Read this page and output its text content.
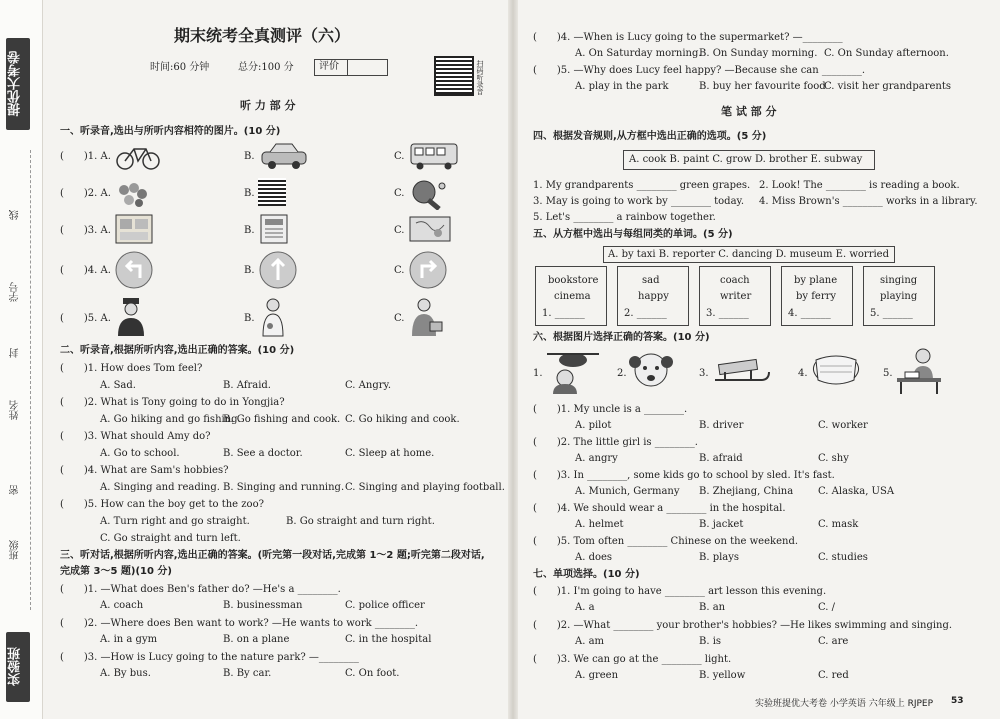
提优大考卷
实验班
线
学号
封
姓名
密
班级
期末统考全真测评（六）
时间:60 分钟	总分:100 分	评价	扫码听录音
听 力 部 分
一、听录音,选出与所听内容相符的图片。(10 分)
(　　)1. A.	B.	C.
(　　)2. A.	B.	C.
(　　)3. A.	B.	C.
(　　)4. A.	B.	C.
(　　)5. A.	B.	C.
二、听录音,根据所听内容,选出正确的答案。(10 分)
(　　)1. How does Tom feel?
A. Sad.	B. Afraid.	C. Angry.
(　　)2. What is Tony going to do in Yongjia?
A. Go hiking and go fishing.
B. Go fishing and cook. C. Go hiking and cook.
(　　)3. What should Amy do?
A. Go to school.	B. See a doctor.	C. Sleep at home.
(　　)4. What are Sam's hobbies?
A. Singing and reading. B. Singing and running. C. Singing and playing football.
(　　)5. How can the boy get to the zoo?
A. Turn right and go straight.	B. Go straight and turn right.
C. Go straight and turn left.
三、听对话,根据所听内容,选出正确的答案。(听完第一段对话,完成第 1～2 题;听完第二段对话,
完成第 3～5 题)(10 分)
(　　)1. —What does Ben's father do? —He's a ________.
A. coach	B. businessman	C. police officer
(　　)2. —Where does Ben want to work? —He wants to work ________.
A. in a gym	B. on a plane	C. in the hospital
(　　)3. —How is Lucy going to the nature park? —________
A. By bus.	B. By car.	C. On foot.
(　　)4. —When is Lucy going to the supermarket? —________
A. On Saturday morning.
B. On Sunday morning. C. On Sunday afternoon.
(　　)5. —Why does Lucy feel happy? —Because she can ________.
A. play in the park	B. buy her favourite food
C. visit her grandparents
笔 试 部 分
四、根据发音规则,从方框中选出正确的选项。(5 分)
A. cook B. paint C. grow D. brother E. subway
1. My grandparents ________ green grapes. 2. Look! The ________ is reading a book.
3. May is going to work by ________ today. 4. Miss Brown's ________ works in a library.
5. Let's ________ a rainbow together.
五、从方框中选出与每组同类的单词。(5 分)
A. by taxi B. reporter C. dancing D. museum E. worried
bookstore
cinema
1. ______
sad
happy
2. ______
coach
writer
3. ______
by plane
by ferry
4. ______
singing
playing
5. ______
六、根据图片选择正确的答案。(10 分)
1.	2.	3.	4.	5.
(　　)1. My uncle is a ________.
A. pilot	B. driver	C. worker
(　　)2. The little girl is ________.
A. angry	B. afraid	C. shy
(　　)3. In ________, some kids go to school by sled. It's fast.
A. Munich, Germany B. Zhejiang, China C. Alaska, USA
(　　)4. We should wear a ________ in the hospital.
A. helmet	B. jacket	C. mask
(　　)5. Tom often ________ Chinese on the weekend.
A. does	B. plays	C. studies
七、单项选择。(10 分)
(　　)1. I'm going to have ________ art lesson this evening.
A. a	B. an	C. /
(　　)2. —What ________ your brother's hobbies? —He likes swimming and singing.
A. am	B. is	C. are
(　　)3. We can go at the ________ light.
A. green	B. yellow	C. red
实验班提优大考卷 小学英语 六年级上 RJPEP 53
